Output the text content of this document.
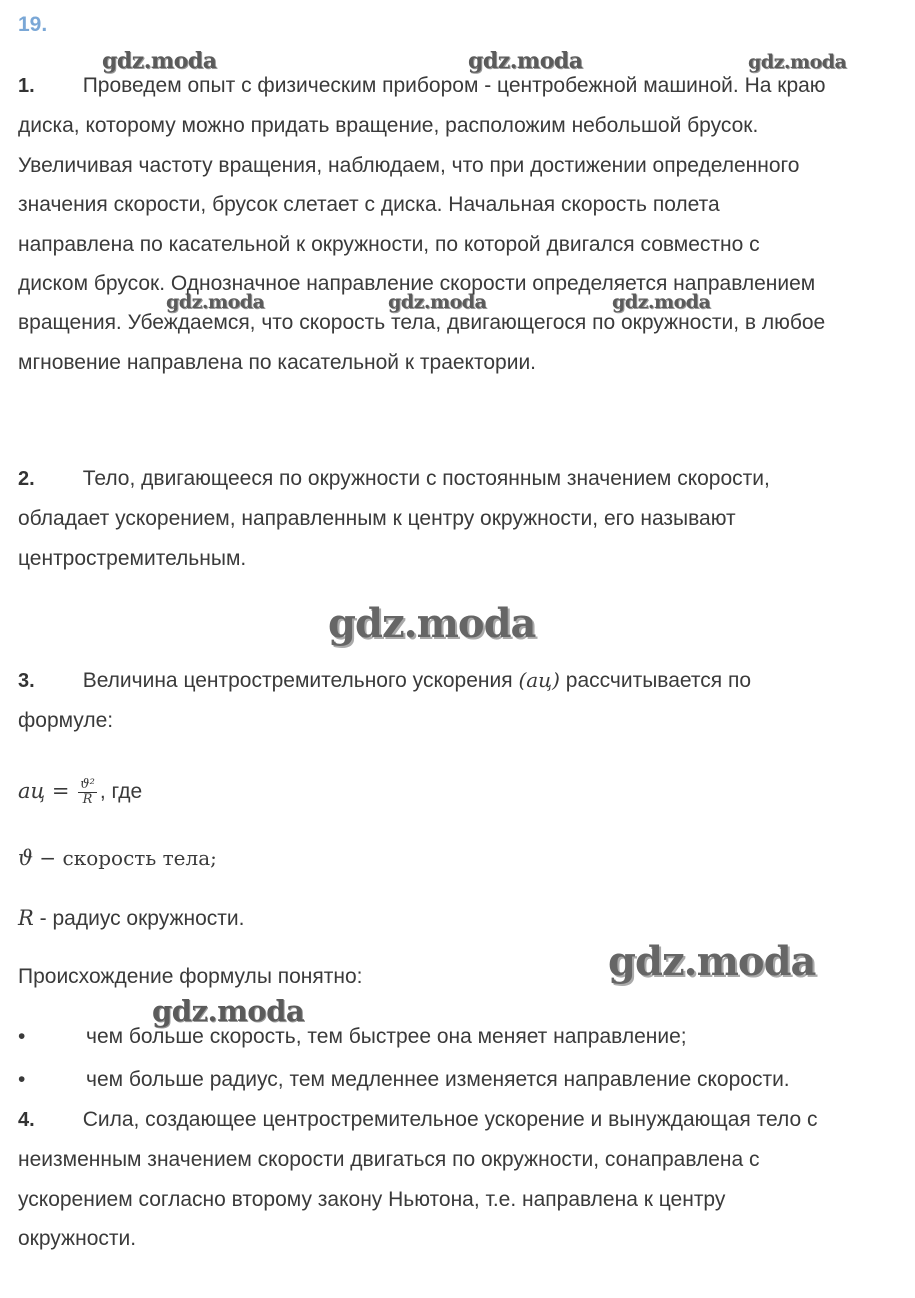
19.
gdz.moda	gdz.moda	gdz.moda
gdz.moda	gdz.moda	gdz.moda
gdz.moda
gdz.moda
gdz.moda
1. Проведем опыт с физическим прибором - центробежной машиной. На краю
диска, которому можно придать вращение, расположим небольшой брусок.
Увеличивая частоту вращения, наблюдаем, что при достижении определенного
значения скорости, брусок слетает с диска. Начальная скорость полета
направлена по касательной к окружности, по которой двигался совместно с
диском брусок. Однозначное направление скорости определяется направлением
вращения. Убеждаемся, что скорость тела, двигающегося по окружности, в любое
мгновение направлена по касательной к траектории.
2. Тело, двигающееся по окружности с постоянным значением скорости,
обладает ускорением, направленным к центру окружности, его называют
центростремительным.
3. Величина центростремительного ускорения (aц) рассчитывается по
формуле:
aц = $\frac{\text{ϑ²}}{R}$ , где
ϑ − скорость тела;
R - радиус окружности.
Происхождение формулы понятно:
•	чем больше скорость, тем быстрее она меняет направление;
•	чем больше радиус, тем медленнее изменяется направление скорости.
4. Сила, создающее центростремительное ускорение и вынуждающая тело с
неизменным значением скорости двигаться по окружности, сонаправлена с
ускорением согласно второму закону Ньютона, т.е. направлена к центру
окружности.
